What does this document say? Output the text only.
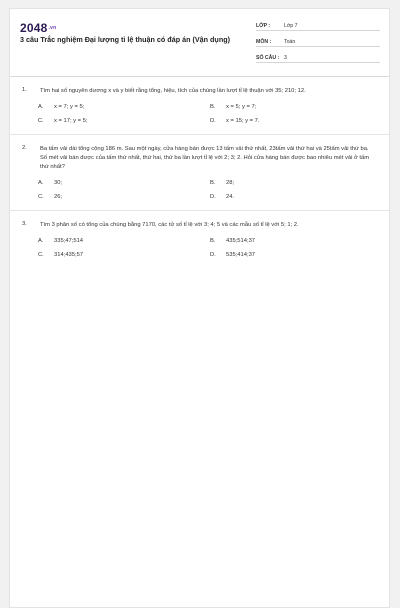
$2048^{.vn}$
3 câu Trắc nghiệm Đại lượng tỉ lệ thuận có đáp án (Vận dụng)
LỚP :	Lớp 7
MÔN :	Toán
SỐ CÂU : 3
1. Tìm hai số nguyên dương x và y biết rằng tổng, hiệu, tích của chúng lần lượt tỉ lệ thuận với 35; 210; 12.
A.	x = 7; y = 5;	B.	x = 5; y = 7;
C.	x = 17; y = 5;	D.	x = 15; y = 7.
2. Ba tấm vải dài tổng cộng 186 m. Sau một ngày, cửa hàng bán được 13 tấm vải thứ nhất, 23tấm vải thứ hai và 25tấm vải thứ ba. Số mét vải bán được của tấm thứ nhất, thứ hai, thứ ba lần lượt tỉ lệ với 2; 3; 2. Hỏi cửa hàng bán được bao nhiêu mét vải ở tấm thứ nhất?
A.	30;	B.	28;
C.	26;	D.	24.
3. Tìm 3 phân số có tổng của chúng bằng 7170, các tử số tỉ lệ với 3; 4; 5 và các mẫu số tỉ lệ với 5; 1; 2.
A.	335;47;514	B.	435;514;37
C.	314;435;57	D.	535;414;37
